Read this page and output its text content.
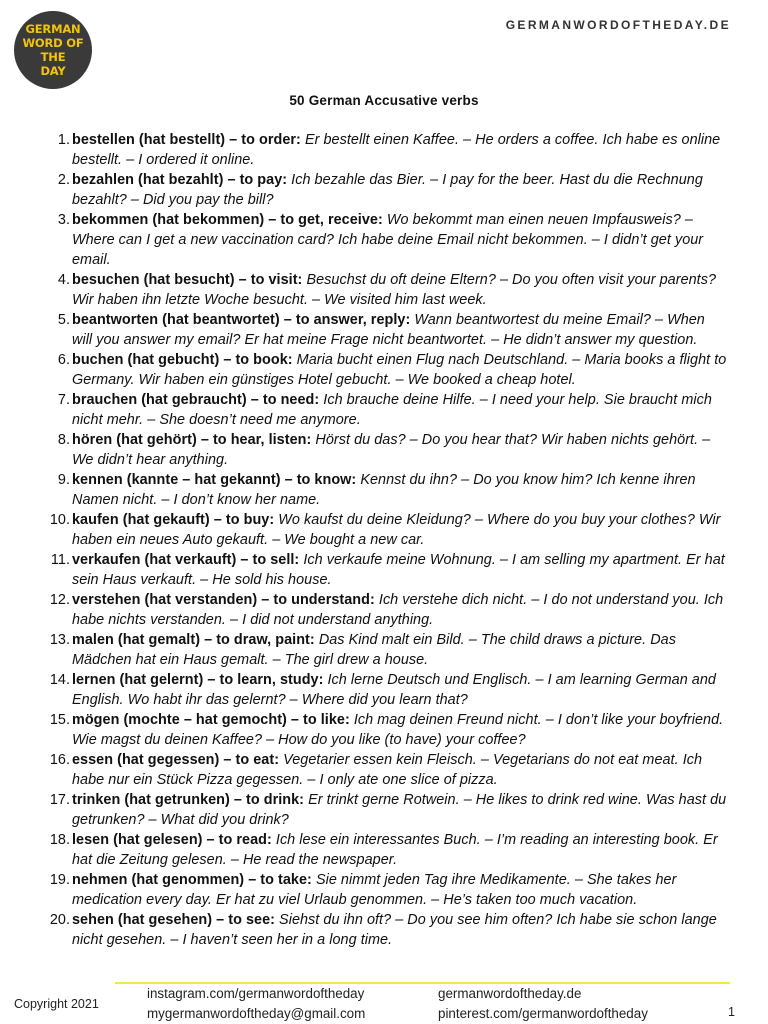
GERMAN
WORD OF THE
DAY
GERMANWORDOFTHEDAY.DE
50 German Accusative verbs
1. bestellen (hat bestellt) – to order: Er bestellt einen Kaffee. – He orders a coffee. Ich habe es online bestellt. – I ordered it online.
2. bezahlen (hat bezahlt) – to pay: Ich bezahle das Bier. – I pay for the beer. Hast du die Rechnung bezahlt? – Did you pay the bill?
3. bekommen (hat bekommen) – to get, receive: Wo bekommt man einen neuen Impfausweis? – Where can I get a new vaccination card? Ich habe deine Email nicht bekommen. – I didn’t get your email.
4. besuchen (hat besucht) – to visit: Besuchst du oft deine Eltern? – Do you often visit your parents? Wir haben ihn letzte Woche besucht. – We visited him last week.
5. beantworten (hat beantwortet) – to answer, reply: Wann beantwortest du meine Email? – When will you answer my email? Er hat meine Frage nicht beantwortet. – He didn’t answer my question.
6. buchen (hat gebucht) – to book: Maria bucht einen Flug nach Deutschland. – Maria books a flight to Germany. Wir haben ein günstiges Hotel gebucht. – We booked a cheap hotel.
7. brauchen (hat gebraucht) – to need: Ich brauche deine Hilfe. – I need your help. Sie braucht mich nicht mehr. – She doesn’t need me anymore.
8. hören (hat gehört) – to hear, listen: Hörst du das? – Do you hear that? Wir haben nichts gehört. – We didn’t hear anything.
9. kennen (kannte – hat gekannt) – to know: Kennst du ihn? – Do you know him? Ich kenne ihren Namen nicht. – I don’t know her name.
10. kaufen (hat gekauft) – to buy: Wo kaufst du deine Kleidung? – Where do you buy your clothes? Wir haben ein neues Auto gekauft. – We bought a new car.
11. verkaufen (hat verkauft) – to sell: Ich verkaufe meine Wohnung. – I am selling my apartment. Er hat sein Haus verkauft. – He sold his house.
12. verstehen (hat verstanden) – to understand: Ich verstehe dich nicht. – I do not understand you. Ich habe nichts verstanden. – I did not understand anything.
13. malen (hat gemalt) – to draw, paint: Das Kind malt ein Bild. – The child draws a picture. Das Mädchen hat ein Haus gemalt. – The girl drew a house.
14. lernen (hat gelernt) – to learn, study: Ich lerne Deutsch und Englisch. – I am learning German and English. Wo habt ihr das gelernt? – Where did you learn that?
15. mögen (mochte – hat gemocht) – to like: Ich mag deinen Freund nicht. – I don’t like your boyfriend. Wie magst du deinen Kaffee? – How do you like (to have) your coffee?
16. essen (hat gegessen) – to eat: Vegetarier essen kein Fleisch. – Vegetarians do not eat meat. Ich habe nur ein Stück Pizza gegessen. – I only ate one slice of pizza.
17. trinken (hat getrunken) – to drink: Er trinkt gerne Rotwein. – He likes to drink red wine. Was hast du getrunken? – What did you drink?
18. lesen (hat gelesen) – to read: Ich lese ein interessantes Buch. – I’m reading an interesting book. Er hat die Zeitung gelesen. – He read the newspaper.
19. nehmen (hat genommen) – to take: Sie nimmt jeden Tag ihre Medikamente. – She takes her medication every day. Er hat zu viel Urlaub genommen. – He’s taken too much vacation.
20. sehen (hat gesehen) – to see: Siehst du ihn oft? – Do you see him often? Ich habe sie schon lange nicht gesehen. – I haven’t seen her in a long time.
Copyright 2021
instagram.com/germanwordoftheday
mygermanwordoftheday@gmail.com
germanwordoftheday.de
pinterest.com/germanwordoftheday	1
